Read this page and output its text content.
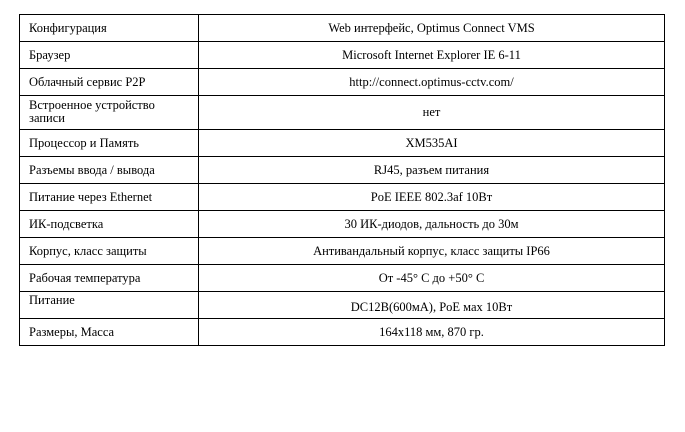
Конфигурация	Web интерфейс, Optimus Connect VMS
Браузер	Microsoft Internet Explorer IE 6-11
Облачный сервис P2P	http://connect.optimus-cctv.com/
Встроенное устройство записи	нет
Процессор и Память	XM535AI
Разъемы ввода / вывода	RJ45, разъем питания
Питание через Ethernet	PoE IEEE 802.3af 10Вт
ИК-подсветка	30 ИК-диодов, дальность до 30м
Корпус, класс защиты	Антивандальный корпус, класс защиты IP66
Рабочая температура	От -45° С до +50° С
Питание	DC12В(600мА), PoE мах 10Вт
Размеры, Масса	164x118 мм, 870 гр.
